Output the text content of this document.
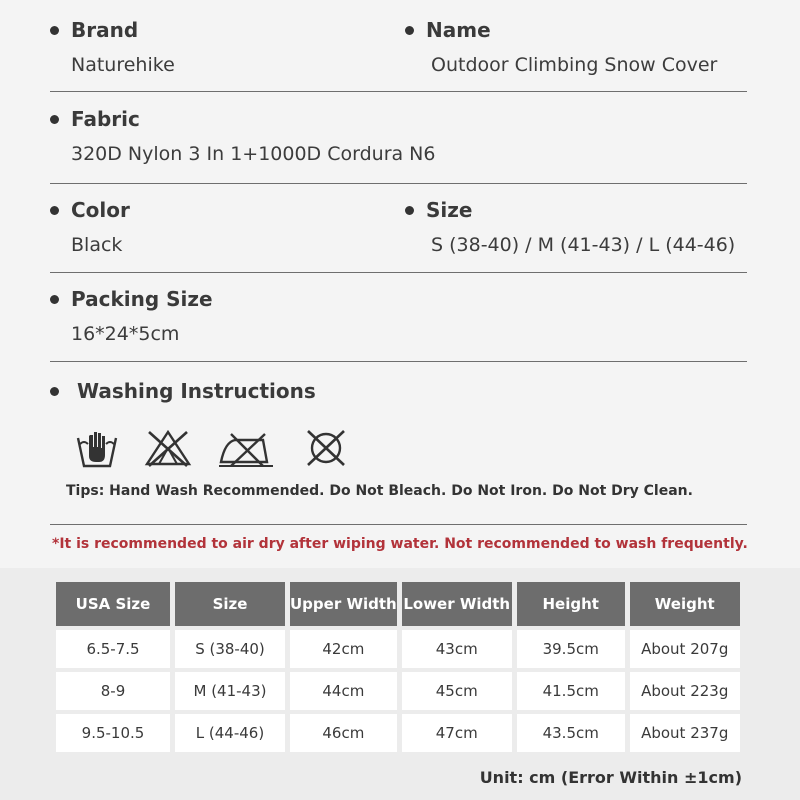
Brand
Naturehike
Name
Outdoor Climbing Snow Cover
Fabric
320D Nylon 3 In 1+1000D Cordura N6
Color
Black
Size
S (38-40) / M (41-43) / L (44-46)
Packing Size
16*24*5cm
Washing Instructions
Tips: Hand Wash Recommended. Do Not Bleach. Do Not Iron. Do Not Dry Clean.
*It is recommended to air dry after wiping water. Not recommended to wash frequently.
USA Size	Size	Upper Width	Lower Width	Height	Weight
6.5-7.5	S (38-40)	42cm	43cm	39.5cm	About 207g
8-9	M (41-43)	44cm	45cm	41.5cm	About 223g
9.5-10.5	L (44-46)	46cm	47cm	43.5cm	About 237g
Unit: cm (Error Within ±1cm)
